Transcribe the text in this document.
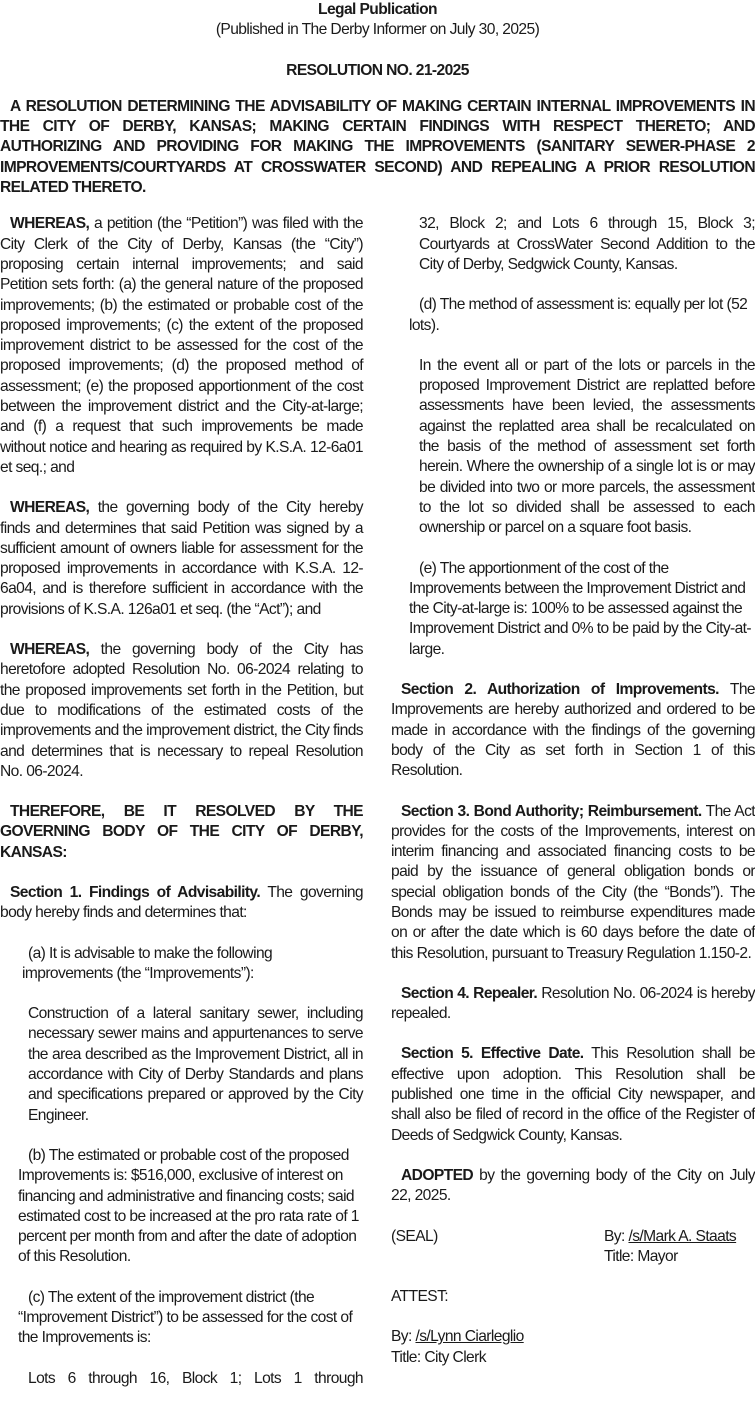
Legal Publication
(Published in The Derby Informer on July 30, 2025)
RESOLUTION NO. 21-2025

A RESOLUTION DETERMINING THE ADVISABILITY OF MAKING CERTAIN INTERNAL IMPROVEMENTS IN THE CITY OF DERBY, KANSAS; MAKING CERTAIN FINDINGS WITH RESPECT THERETO; AND AUTHORIZING AND PROVIDING FOR MAKING THE IMPROVEMENTS (SANITARY SEWER-PHASE 2 IMPROVEMENTS/COURTYARDS AT CROSSWATER SECOND) AND REPEALING A PRIOR RESOLUTION RELATED THERETO.

WHEREAS, a petition (the “Petition”) was filed with the City Clerk of the City of Derby, Kansas (the “City”) proposing certain internal improvements; and said Petition sets forth: (a) the general nature of the proposed improvements; (b) the estimated or probable cost of the proposed improvements; (c) the extent of the proposed improvement district to be assessed for the cost of the proposed improvements; (d) the proposed method of assessment; (e) the proposed apportionment of the cost between the improvement district and the City-at-large; and (f) a request that such improvements be made without notice and hearing as required by K.S.A. 12-6a01 et seq.; and

WHEREAS, the governing body of the City hereby finds and determines that said Petition was signed by a sufficient amount of owners liable for assessment for the proposed improvements in accordance with K.S.A. 12-6a04, and is therefore sufficient in accordance with the provisions of K.S.A. 126a01 et seq. (the “Act”); and

WHEREAS, the governing body of the City has heretofore adopted Resolution No. 06-2024 relating to the proposed improvements set forth in the Petition, but due to modifications of the estimated costs of the improvements and the improvement district, the City finds and determines that is necessary to repeal Resolution No. 06-2024.

THEREFORE, BE IT RESOLVED BY THE GOVERNING BODY OF THE CITY OF DERBY, KANSAS:

Section 1. Findings of Advisability. The governing body hereby finds and determines that:

(a) It is advisable to make the following improvements (the “Improvements”):

Construction of a lateral sanitary sewer, including necessary sewer mains and appurtenances to serve the area described as the Improvement District, all in accordance with City of Derby Standards and plans and specifications prepared or approved by the City Engineer.

(b) The estimated or probable cost of the proposed Improvements is: $516,000, exclusive of interest on financing and administrative and financing costs; said estimated cost to be increased at the pro rata rate of 1 percent per month from and after the date of adoption of this Resolution.

(c) The extent of the improvement district (the “Improvement District”) to be assessed for the cost of the Improvements is:

Lots 6 through 16, Block 1; Lots 1 through

32, Block 2; and Lots 6 through 15, Block 3; Courtyards at CrossWater Second Addition to the City of Derby, Sedgwick County, Kansas.

(d) The method of assessment is: equally per lot (52 lots).

In the event all or part of the lots or parcels in the proposed Improvement District are replatted before assessments have been levied, the assessments against the replatted area shall be recalculated on the basis of the method of assessment set forth herein. Where the ownership of a single lot is or may be divided into two or more parcels, the assessment to the lot so divided shall be assessed to each ownership or parcel on a square foot basis.

(e) The apportionment of the cost of the Improvements between the Improvement District and the City-at-large is: 100% to be assessed against the Improvement District and 0% to be paid by the City-at-large.

Section 2. Authorization of Improvements. The Improvements are hereby authorized and ordered to be made in accordance with the findings of the governing body of the City as set forth in Section 1 of this Resolution.

Section 3. Bond Authority; Reimbursement. The Act provides for the costs of the Improvements, interest on interim financing and associated financing costs to be paid by the issuance of general obligation bonds or special obligation bonds of the City (the “Bonds”). The Bonds may be issued to reimburse expenditures made on or after the date which is 60 days before the date of this Resolution, pursuant to Treasury Regulation 1.150-2.

Section 4. Repealer. Resolution No. 06-2024 is hereby repealed.

Section 5. Effective Date. This Resolution shall be effective upon adoption. This Resolution shall be published one time in the official City newspaper, and shall also be filed of record in the office of the Register of Deeds of Sedgwick County, Kansas.

ADOPTED by the governing body of the City on July 22, 2025.

(SEAL)	By: /s/Mark A. Staats
Title: Mayor
ATTEST:
By: /s/Lynn Ciarleglio
Title: City Clerk
